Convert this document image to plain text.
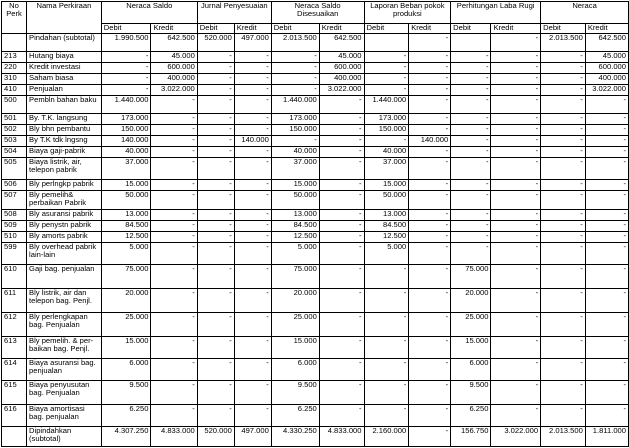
No Perk	Nama Perkiraan	Neraca Saldo		Jurnal Penyesuaian		Neraca Saldo Disesuaikan		Laporan Beban pokok produksi		Perhitungan Laba Rugi		Neraca	
		Debit	Kredit	Debit	Kredit	Debit	Kredit	Debit	Kredit	Debit	Kredit	Debit	Kredit
	Pindahan (subtotal)	1.990.500	642.500	520.000	497.000	2.013.500	642.500		-		-	2.013.500	642.500
213	Hutang biaya	-	45.000	-	-	-	45.000	-	-	-	-	-	45.000
220	Kredit investasi	-	600.000	-	-	-	600.000	-	-	-	-	-	600.000
310	Saham biasa	-	400.000	-	-	-	400.000	-	-	-	-	-	400.000
410	Penjualan	-	3.022.000	-	-	-	3.022.000	-	-	-	-	-	3.022.000
500	Pembln bahan baku	1.440.000	-	-	-	1.440.000	-	1.440.000	-	-	-	-	-
501	By. T.K. langsung	173.000	-	-	-	173.000	-	173.000	-	-	-	-	-
502	Bly bhn pembantu	150.000	-	-	-	150.000	-	150.000	-	-	-	-	-
503	By T.K tdk lngsng	140.000	-	-	140.000	-	-	-	140.000	-	-	-	-
504	Biaya gaji-pabrik	40.000	-	-	-	40.000	-	40.000	-	-	-	-	-
505	Biaya listrik, air, telepon pabrik	37.000	-	-	-	37.000	-	37.000	-	-	-	-	-
506	Bly perlngkp pabrik	15.000	-	-	-	15.000	-	15.000	-	-	-	-	-
507	Bly pemelih& perbaikan Pabrik	50.000	-	-	-	50.000	-	50.000	-	-	-	-	-
508	Bly asuransi pabrik	13.000	-	-	-	13.000	-	13.000	-	-	-	-	-
509	Bly penystn pabrik	84.500	-	-	-	84.500	-	84.500	-	-	-	-	-
510	Bly amorts pabrik	12.500	-	-	-	12.500	-	12.500	-	-	-	-	-
599	Bly overhead pabrik lain-lain	5.000	-	-	-	5.000	-	5.000	-	-	-	-	-
610	Gaji bag. penjualan	75.000	-	-	-	75.000	-	-	-	75.000	-	-	-
611	Bly listrik, air dan telepon bag. Penjl.	20.000	-	-	-	20.000	-	-	-	20.000	-	-	-
612	Bly perlengkapan bag. Penjualan	25.000	-	-	-	25.000	-	-	-	25.000	-	-	-
613	Bly pemelih. & per-baikan bag. Penjl.	15.000	-	-	-	15.000	-	-	-	15.000	-	-	-
614	Biaya asuransi bag. penjualan	6.000	-	-	-	6.000	-	-	-	6.000	-	-	-
615	Biaya penyusutan bag. Penjualan	9.500	-	-	-	9.500	-	-	-	9.500	-	-	-
616	Biaya amortisasi bag. penjualan	6.250	-	-	-	6.250	-	-	-	6.250	-	-	-
	Dipindahkan (subtotal)	4.307.250	4.833.000	520.000	497.000	4.330.250	4.833.000	2.160.000	-	156.750	3.022.000	2.013.500	1.811.000
